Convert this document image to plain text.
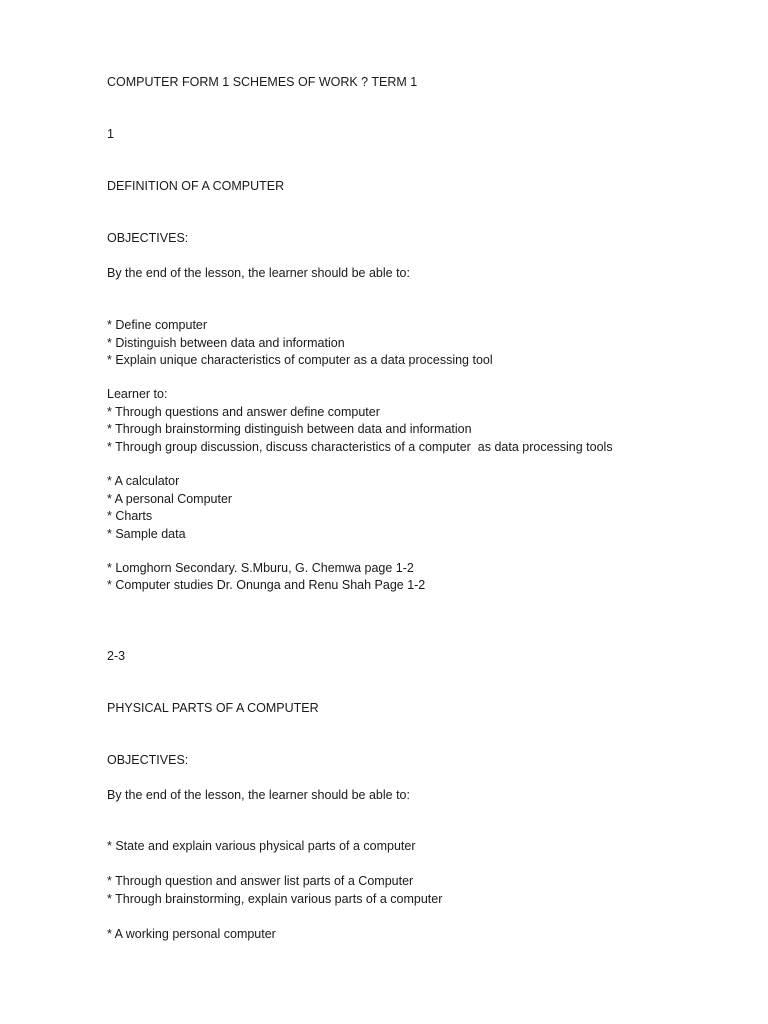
COMPUTER FORM 1 SCHEMES OF WORK ? TERM 1
1
DEFINITION OF A COMPUTER
OBJECTIVES:
By the end of the lesson, the learner should be able to:
* Define computer
* Distinguish between data and information
* Explain unique characteristics of computer as a data processing tool
Learner to:
* Through questions and answer define computer
* Through brainstorming distinguish between data and information
* Through group discussion, discuss characteristics of a computer  as data processing tools
* A calculator
* A personal Computer
* Charts
* Sample data
* Lomghorn Secondary. S.Mburu, G. Chemwa page 1-2
* Computer studies Dr. Onunga and Renu Shah Page 1-2
2-3
PHYSICAL PARTS OF A COMPUTER
OBJECTIVES:
By the end of the lesson, the learner should be able to:
* State and explain various physical parts of a computer
* Through question and answer list parts of a Computer
* Through brainstorming, explain various parts of a computer
* A working personal computer
